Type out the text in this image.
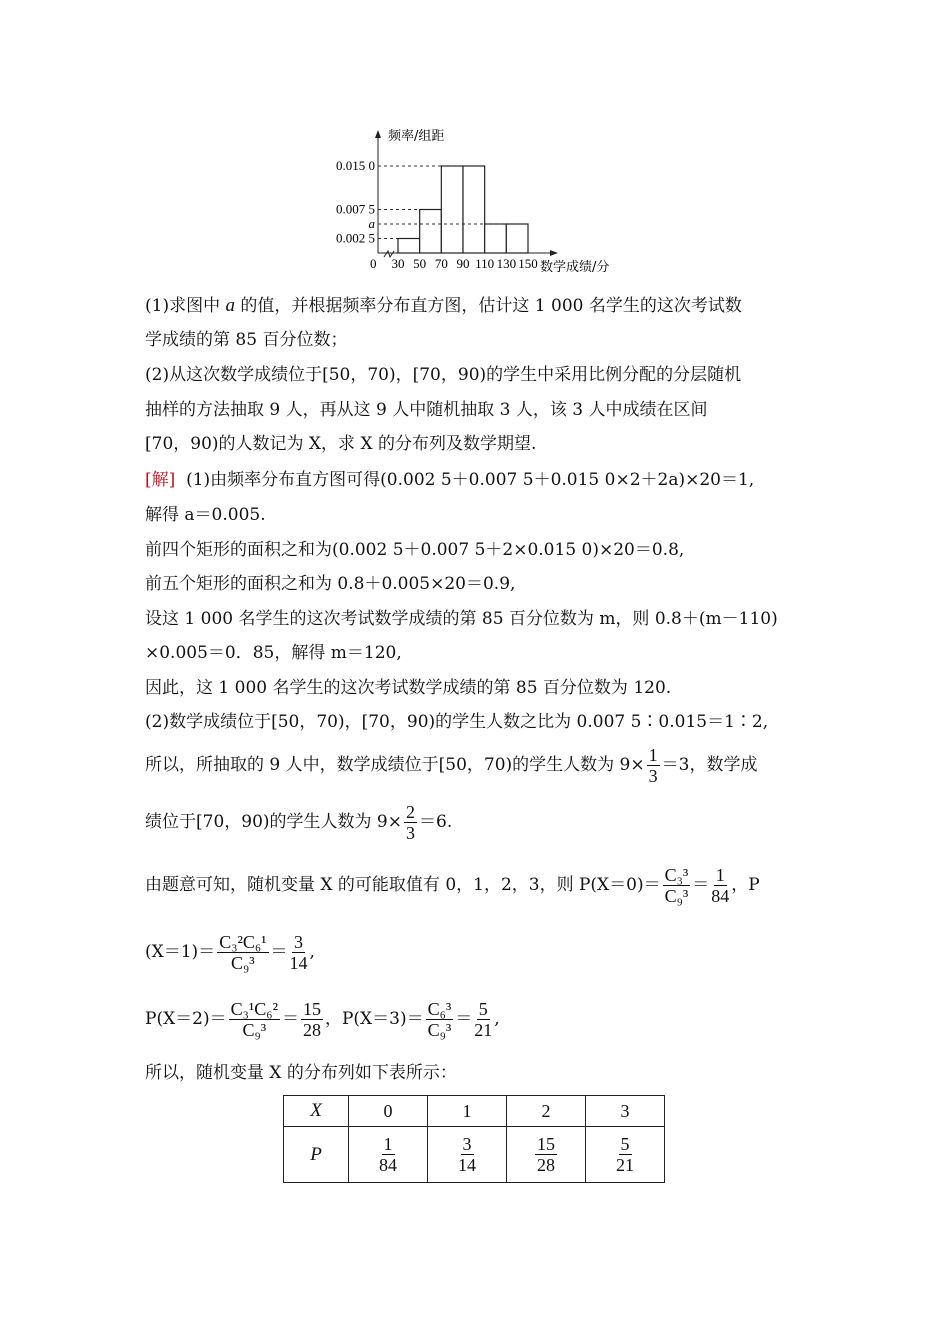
频率/组距
数学成绩/分
0 30 50 70 90 110 130 150
0.015 0
0.007 5
a
0.002 5
(1)求图中 a 的值，并根据频率分布直方图，估计这 1 000 名学生的这次考试数
学成绩的第 85 百分位数；
(2)从这次数学成绩位于[50，70)，[70，90)的学生中采用比例分配的分层随机
抽样的方法抽取 9 人，再从这 9 人中随机抽取 3 人，该 3 人中成绩在区间
[70，90)的人数记为 X，求 X 的分布列及数学期望.
[解] (1)由频率分布直方图可得(0.002 5＋0.007 5＋0.015 0×2＋2a)×20＝1,
解得 a＝0.005.
前四个矩形的面积之和为(0.002 5＋0.007 5＋2×0.015 0)×20＝0.8,
前五个矩形的面积之和为 0.8＋0.005×20＝0.9,
设这 1 000 名学生的这次考试数学成绩的第 85 百分位数为 m，则 0.8＋(m－110)
×0.005＝0．85，解得 m＝120,
因此，这 1 000 名学生的这次考试数学成绩的第 85 百分位数为 120.
(2)数学成绩位于[50，70)，[70，90)的学生人数之比为 0.007 5∶0.015＝1∶2,
所以，所抽取的 9 人中，数学成绩位于[50，70)的学生人数为 $9\times \frac{1}{3} =3$，数学成
绩位于[70，90)的学生人数为 $9\times \frac{2}{3} =6$.
由题意可知，随机变量 X 的可能取值有 0，1，2，3，则 $P(X=0)= \frac{\text{C₃³}}{\text{C₉³}} = \frac{1}{84}$ ，P
$(X=1)= \frac{\text{C₃²C₆¹}}{\text{C₉³}} = \frac{3}{14}$ ,
$P(X=2)= \frac{\text{C₃¹C₆²}}{\text{C₉³}} = \frac{15}{28}$ ，$P(X=3)= \frac{\text{C₆³}}{\text{C₉³}} = \frac{5}{21}$ ,
所以，随机变量 X 的分布列如下表所示：
X	0	1	2	3
P	$\frac{1}{84}$	$\frac{3}{14}$	$\frac{15}{28}$	$\frac{5}{21}$
